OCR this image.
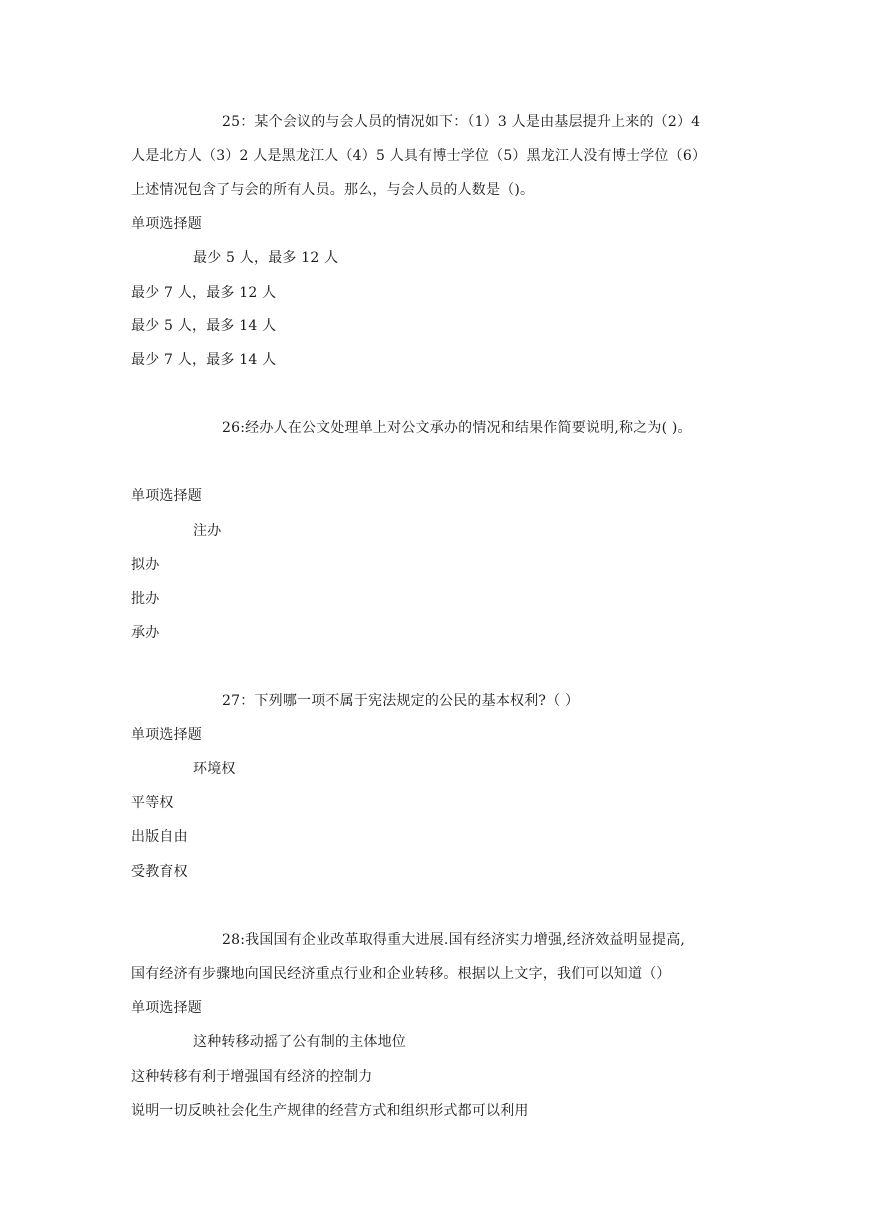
25：某个会议的与会人员的情况如下：（1）3 人是由基层提升上来的（2）4
人是北方人（3）2 人是黑龙江人（4）5 人具有博士学位（5）黑龙江人没有博士学位（6）
上述情况包含了与会的所有人员。那么，与会人员的人数是（)。
单项选择题
最少 5 人，最多 12 人
最少 7 人，最多 12 人
最少 5 人，最多 14 人
最少 7 人，最多 14 人
26:经办人在公文处理单上对公文承办的情况和结果作简要说明,称之为( )。
单项选择题
注办
拟办
批办
承办
27：下列哪一项不属于宪法规定的公民的基本权利?（ ）
单项选择题
环境权
平等权
出版自由
受教育权
28:我国国有企业改革取得重大进展.国有经济实力增强,经济效益明显提高,
国有经济有步骤地向国民经济重点行业和企业转移。根据以上文字，我们可以知道（）
单项选择题
这种转移动摇了公有制的主体地位
这种转移有利于增强国有经济的控制力
说明一切反映社会化生产规律的经营方式和组织形式都可以利用
